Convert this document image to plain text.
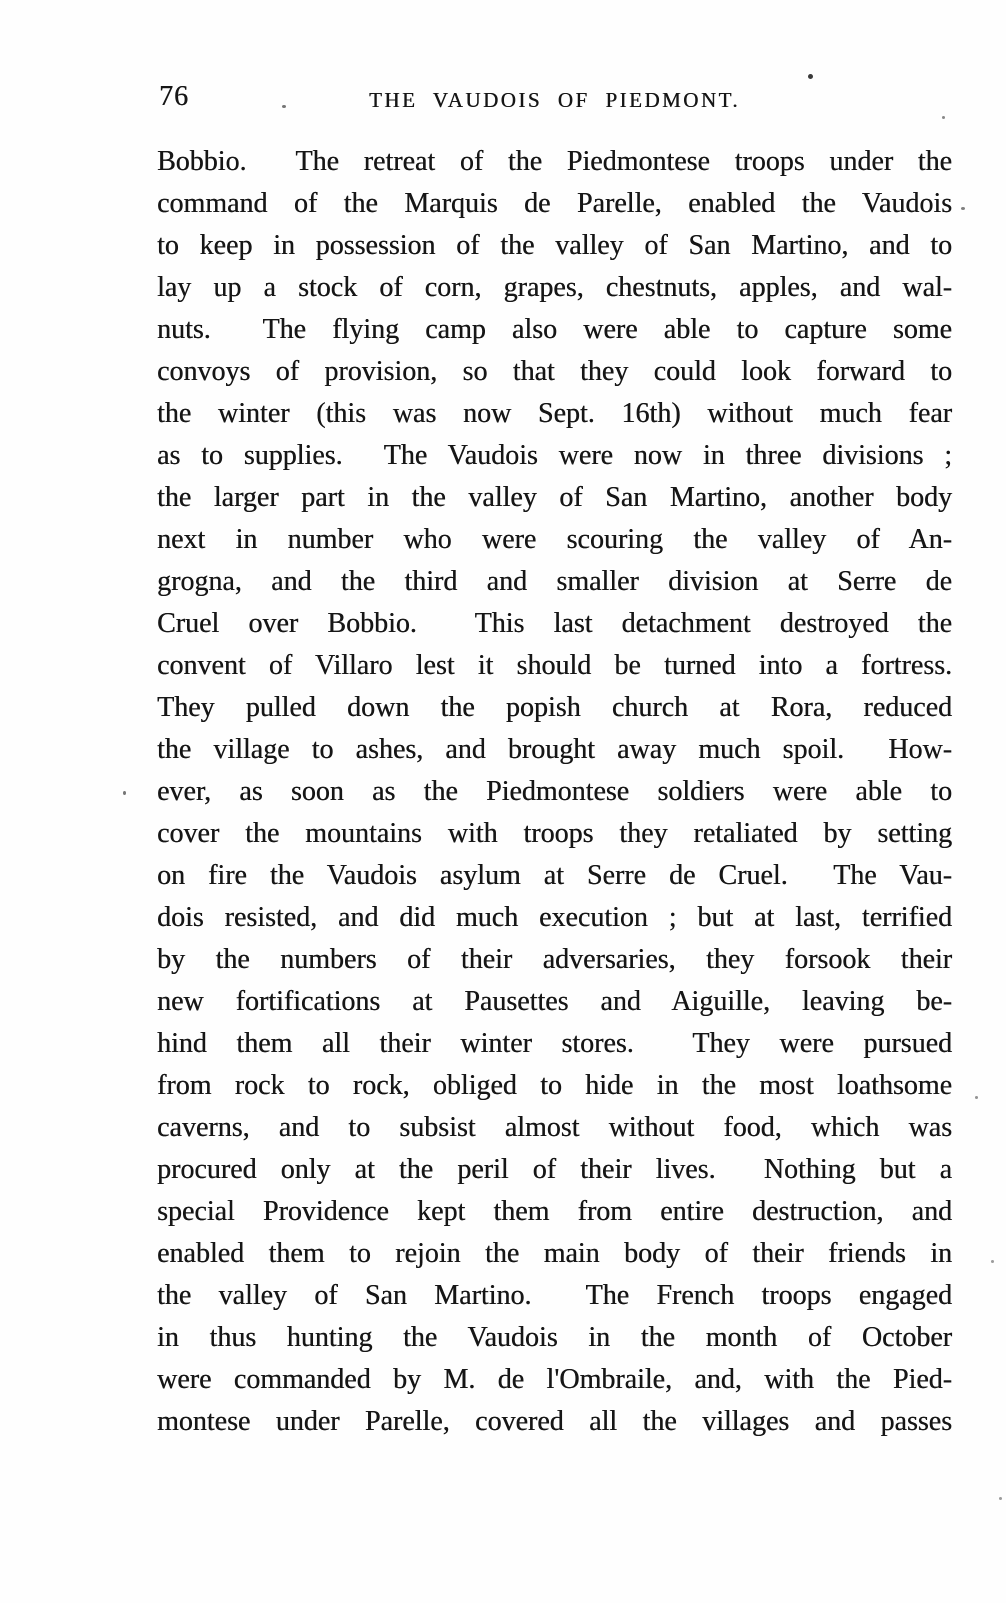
76	THE VAUDOIS OF PIEDMONT.
Bobbio.  The retreat of the Piedmontese troops under the
command of the Marquis de Parelle, enabled the Vaudois
to keep in possession of the valley of San Martino, and to
lay up a stock of corn, grapes, chestnuts, apples, and wal-
nuts.  The flying camp also were able to capture some
convoys of provision, so that they could look forward to
the winter (this was now Sept. 16th) without much fear
as to supplies.  The Vaudois were now in three divisions ;
the larger part in the valley of San Martino, another body
next in number who were scouring the valley of An-
grogna, and the third and smaller division at Serre de
Cruel over Bobbio.  This last detachment destroyed the
convent of Villaro lest it should be turned into a fortress.
They pulled down the popish church at Rora, reduced
the village to ashes, and brought away much spoil.  How-
ever, as soon as the Piedmontese soldiers were able to
cover the mountains with troops they retaliated by setting
on fire the Vaudois asylum at Serre de Cruel.  The Vau-
dois resisted, and did much execution ; but at last, terrified
by the numbers of their adversaries, they forsook their
new fortifications at Pausettes and Aiguille, leaving be-
hind them all their winter stores.  They were pursued
from rock to rock, obliged to hide in the most loathsome
caverns, and to subsist almost without food, which was
procured only at the peril of their lives.  Nothing but a
special Providence kept them from entire destruction, and
enabled them to rejoin the main body of their friends in
the valley of San Martino.  The French troops engaged
in thus hunting the Vaudois in the month of October
were commanded by M. de l'Ombraile, and, with the Pied-
montese under Parelle, covered all the villages and passes
